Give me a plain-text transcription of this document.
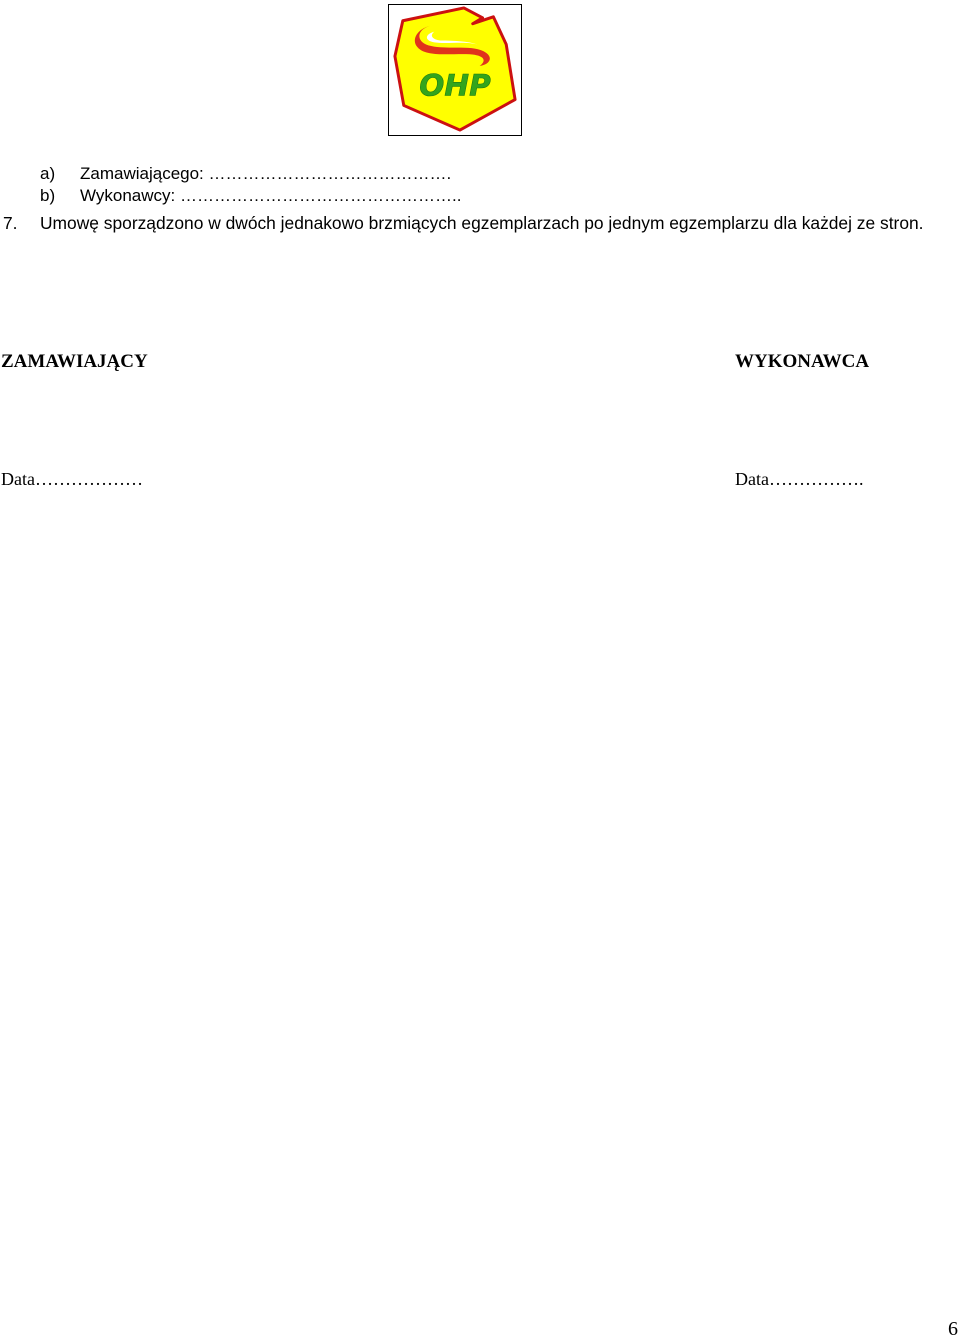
OHP
a) Zamawiającego: …………………………………….
b) Wykonawcy: …………………………………………..
7. Umowę sporządzono w dwóch jednakowo brzmiących egzemplarzach po jednym egzemplarzu dla każdej ze stron.
ZAMAWIAJĄCY	WYKONAWCA
Data………………	Data…………….
6
